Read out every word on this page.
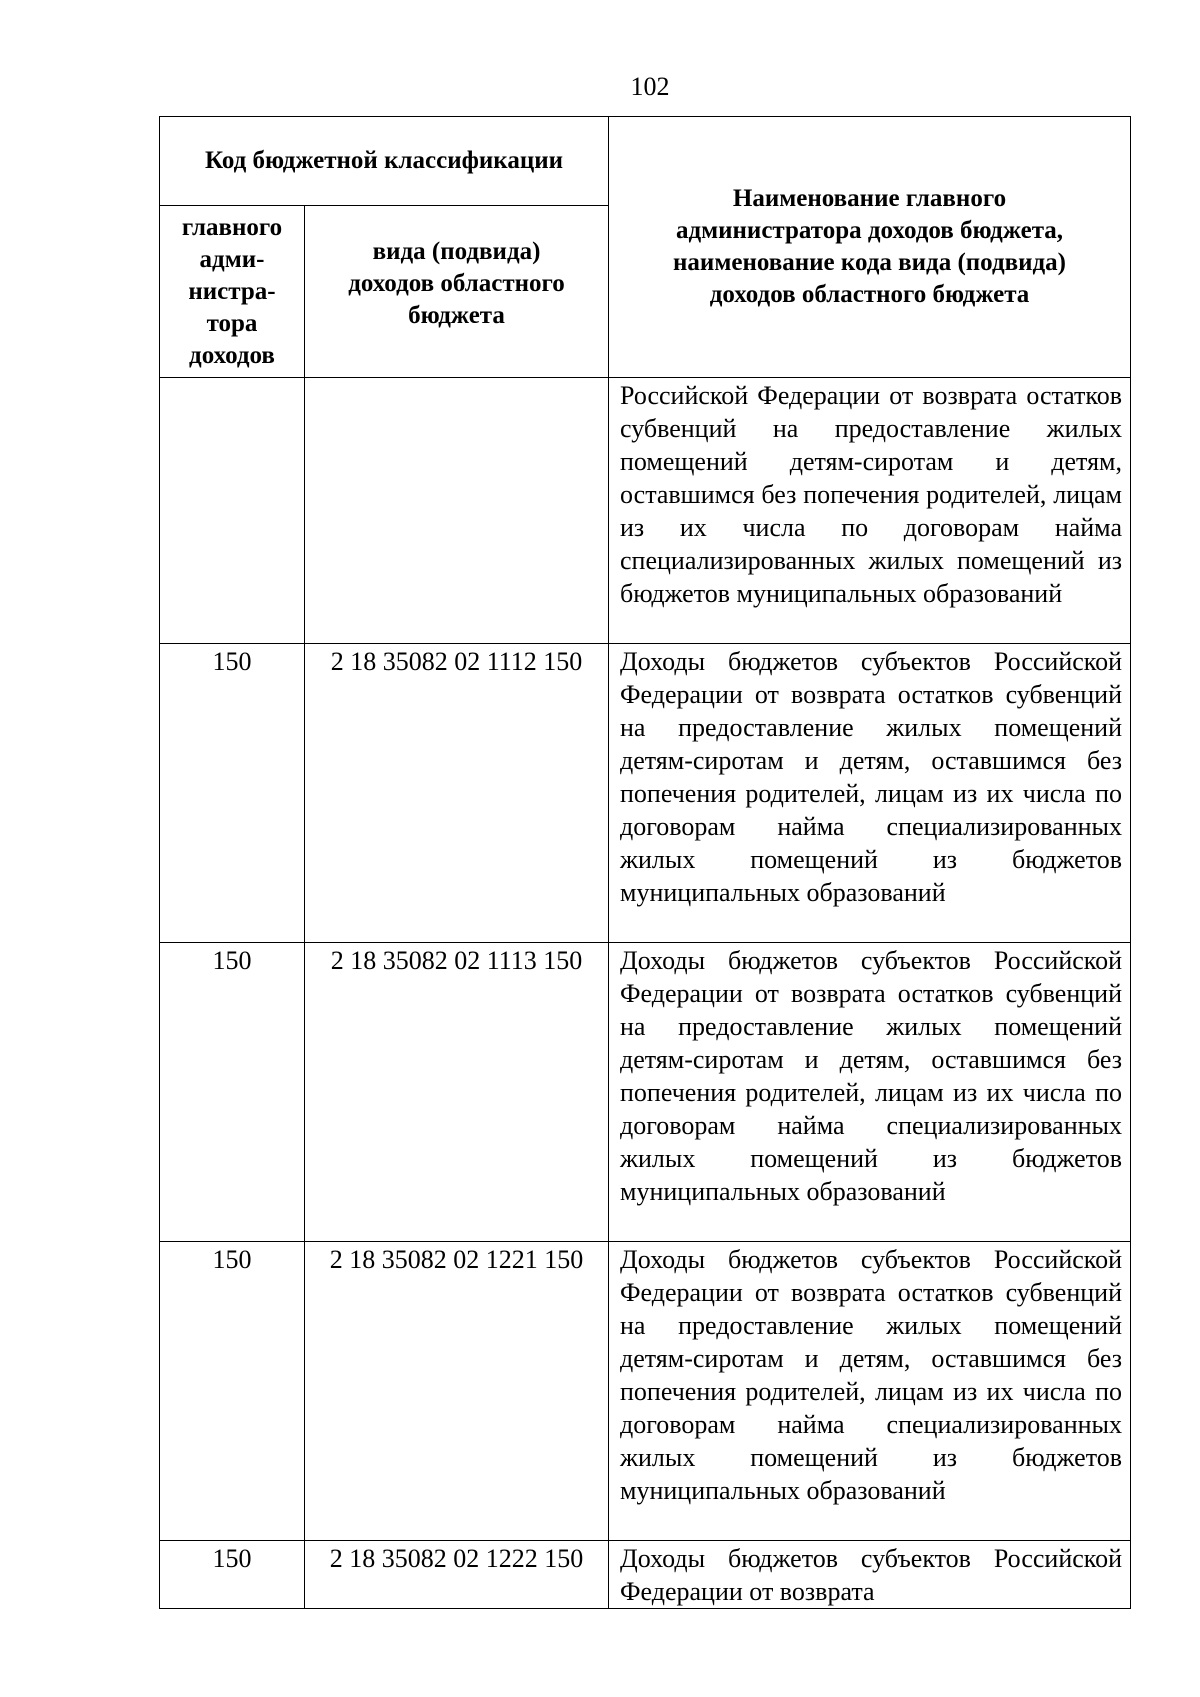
102
Код бюджетной классификации		Наименование главного
администратора доходов бюджета,
наименование кода вида (подвида)
доходов областного бюджета

главного
адми-
нистра-
тора
доходов	вида (подвида)
доходов областного
бюджета	

		Российской Федерации от возврата остатков субвенций на предоставление жилых помещений детям-сиротам и детям, оставшимся без попечения родителей, лицам из их числа по договорам найма специализированных жилых помещений из бюджетов муниципальных образований

150	2 18 35082 02 1112 150	Доходы бюджетов субъектов Российской Федерации от возврата остатков субвенций на предоставление жилых помещений детям-сиротам и детям, оставшимся без попечения родителей, лицам из их числа по договорам найма специализированных жилых помещений из бюджетов муниципальных образований

150	2 18 35082 02 1113 150	Доходы бюджетов субъектов Российской Федерации от возврата остатков субвенций на предоставление жилых помещений детям-сиротам и детям, оставшимся без попечения родителей, лицам из их числа по договорам найма специализированных жилых помещений из бюджетов муниципальных образований

150	2 18 35082 02 1221 150	Доходы бюджетов субъектов Российской Федерации от возврата остатков субвенций на предоставление жилых помещений детям-сиротам и детям, оставшимся без попечения родителей, лицам из их числа по договорам найма специализированных жилых помещений из бюджетов муниципальных образований

150	2 18 35082 02 1222 150	Доходы бюджетов субъектов Российской Федерации от возврата
